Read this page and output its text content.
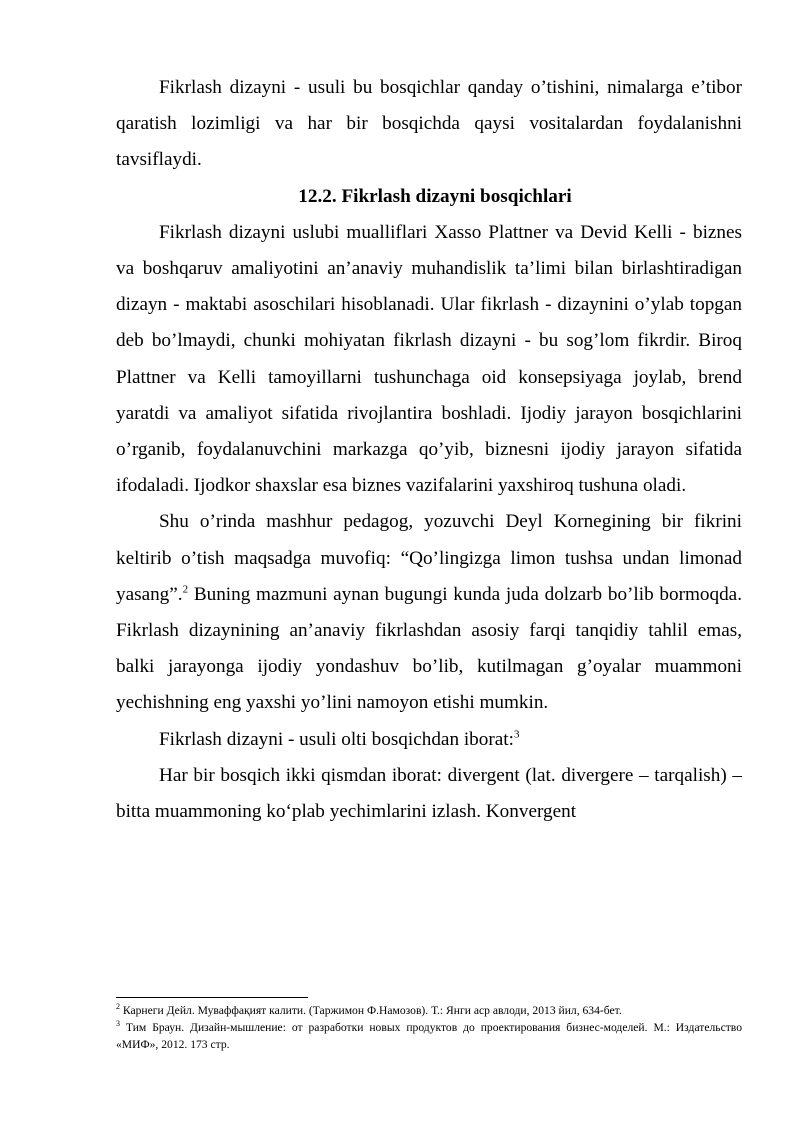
Fikrlash dizayni - usuli bu bosqichlar qanday o’tishini, nimalarga e’tibor qaratish lozimligi va har bir bosqichda qaysi vositalardan foydalanishni tavsiflaydi.

12.2. Fikrlash dizayni bosqichlari

Fikrlash dizayni uslubi mualliflari Xasso Plattner va Devid Kelli - biznes va boshqaruv amaliyotini an’anaviy muhandislik ta’limi bilan birlashtiradigan dizayn - maktabi asoschilari hisoblanadi. Ular fikrlash - dizaynini o’ylab topgan deb bo’lmaydi, chunki mohiyatan fikrlash dizayni - bu sog’lom fikrdir. Biroq Plattner va Kelli tamoyillarni tushunchaga oid konsepsiyaga joylab, brend yaratdi va amaliyot sifatida rivojlantira boshladi. Ijodiy jarayon bosqichlarini o’rganib, foydalanuvchini markazga qo’yib, biznesni ijodiy jarayon sifatida ifodaladi. Ijodkor shaxslar esa biznes vazifalarini yaxshiroq tushuna oladi.

Shu o’rinda mashhur pedagog, yozuvchi Deyl Kornegining bir fikrini keltirib o’tish maqsadga muvofiq: “Qo’lingizga limon tushsa undan limonad yasang”.$^2$ Buning mazmuni aynan bugungi kunda juda dolzarb bo’lib bormoqda. Fikrlash dizaynining an’anaviy fikrlashdan asosiy farqi tanqidiy tahlil emas, balki jarayonga ijodiy yondashuv bo’lib, kutilmagan g’oyalar muammoni yechishning eng yaxshi yo’lini namoyon etishi mumkin.

Fikrlash dizayni - usuli olti bosqichdan iborat:$^3$

Har bir bosqich ikki qismdan iborat: divergent (lat. divergere – tarqalish) – bitta muammoning ko‘plab yechimlarini izlash. Konvergent

$^2$ Карнеги Дейл. Муваффақият калити. (Таржимон Ф.Намозов). Т.: Янги аср авлоди, 2013 йил, 634-бет.

$^3$ Тим Браун. Дизайн-мышление: от разработки новых продуктов до проектирования бизнес-моделей. М.: Издательство «МИФ», 2012. 173 стр.
